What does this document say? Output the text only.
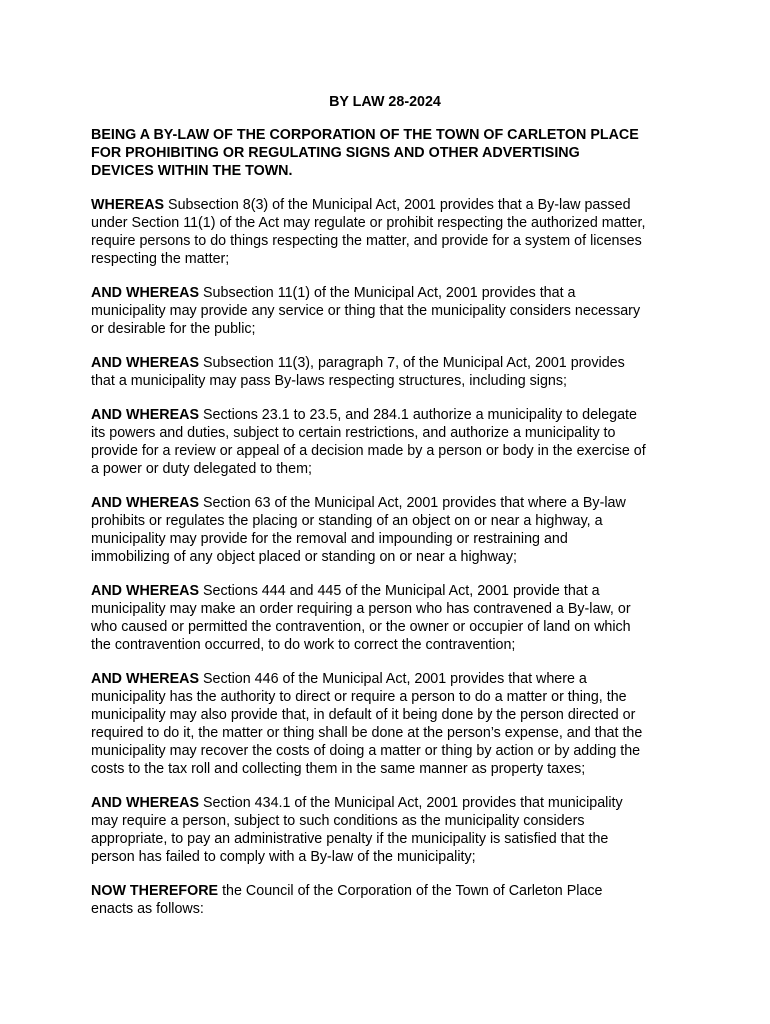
BY LAW 28-2024
BEING A BY-LAW OF THE CORPORATION OF THE TOWN OF CARLETON PLACE
FOR PROHIBITING OR REGULATING SIGNS AND OTHER ADVERTISING
DEVICES WITHIN THE TOWN.
WHEREAS Subsection 8(3) of the Municipal Act, 2001 provides that a By-law passed
under Section 11(1) of the Act may regulate or prohibit respecting the authorized matter,
require persons to do things respecting the matter, and provide for a system of licenses
respecting the matter;
AND WHEREAS Subsection 11(1) of the Municipal Act, 2001 provides that a
municipality may provide any service or thing that the municipality considers necessary
or desirable for the public;
AND WHEREAS Subsection 11(3), paragraph 7, of the Municipal Act, 2001 provides
that a municipality may pass By-laws respecting structures, including signs;
AND WHEREAS Sections 23.1 to 23.5, and 284.1 authorize a municipality to delegate
its powers and duties, subject to certain restrictions, and authorize a municipality to
provide for a review or appeal of a decision made by a person or body in the exercise of
a power or duty delegated to them;
AND WHEREAS Section 63 of the Municipal Act, 2001 provides that where a By-law
prohibits or regulates the placing or standing of an object on or near a highway, a
municipality may provide for the removal and impounding or restraining and
immobilizing of any object placed or standing on or near a highway;
AND WHEREAS Sections 444 and 445 of the Municipal Act, 2001 provide that a
municipality may make an order requiring a person who has contravened a By-law, or
who caused or permitted the contravention, or the owner or occupier of land on which
the contravention occurred, to do work to correct the contravention;
AND WHEREAS Section 446 of the Municipal Act, 2001 provides that where a
municipality has the authority to direct or require a person to do a matter or thing, the
municipality may also provide that, in default of it being done by the person directed or
required to do it, the matter or thing shall be done at the person’s expense, and that the
municipality may recover the costs of doing a matter or thing by action or by adding the
costs to the tax roll and collecting them in the same manner as property taxes;
AND WHEREAS Section 434.1 of the Municipal Act, 2001 provides that municipality
may require a person, subject to such conditions as the municipality considers
appropriate, to pay an administrative penalty if the municipality is satisfied that the
person has failed to comply with a By-law of the municipality;
NOW THEREFORE the Council of the Corporation of the Town of Carleton Place
enacts as follows:
